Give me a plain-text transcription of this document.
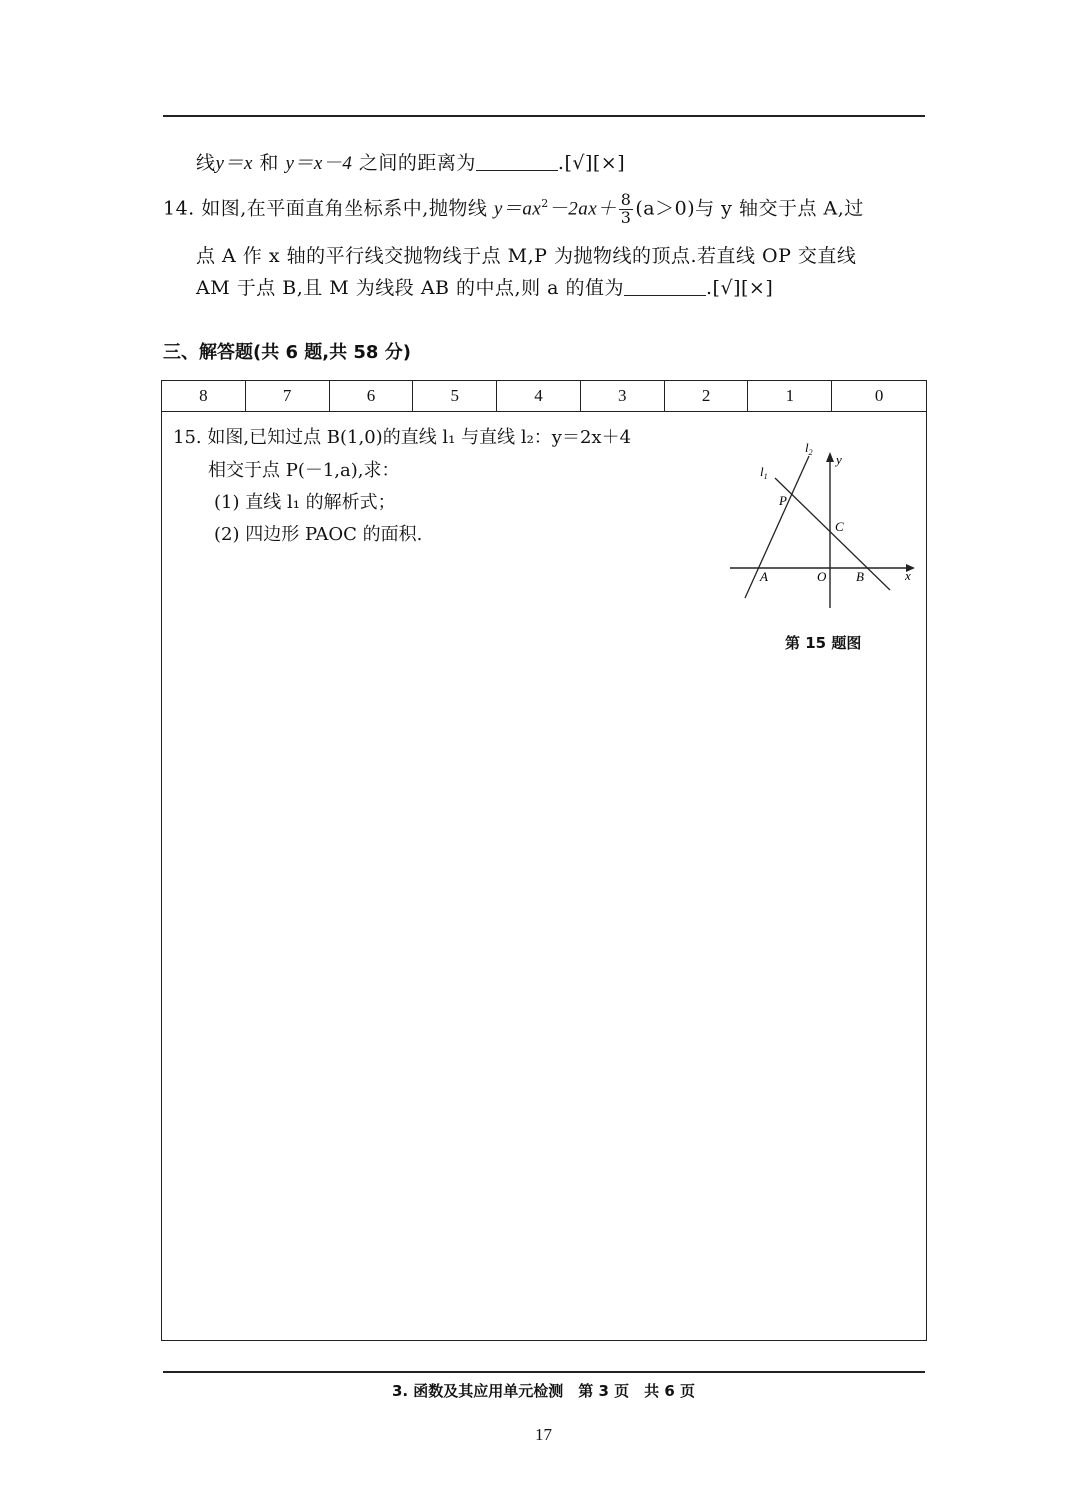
线y＝x 和 y＝x－4 之间的距离为	.[√][×]
14. 如图,在平面直角坐标系中,抛物线 $y=ax^2-2ax+ \frac{8}{3} (a>0)$与 y 轴交于点 A,过
点 A 作 x 轴的平行线交抛物线于点 M,P 为抛物线的顶点.若直线 OP 交直线
AM 于点 B,且 M 为线段 AB 的中点,则 a 的值为	.[√][×]
三、解答题(共 6 题,共 58 分)
8	7	6	5	4	3	2	1	0
15. 如图,已知过点 B(1,0)的直线 l₁ 与直线 l₂：y＝2x＋4
相交于点 P(－1,a),求：
(1) 直线 l₁ 的解析式；
(2) 四边形 PAOC 的面积.
$l_2$ y
$l_1$
P
C
A	O B	x
第 15 题图
3. 函数及其应用单元检测　第 3 页　共 6 页
17
